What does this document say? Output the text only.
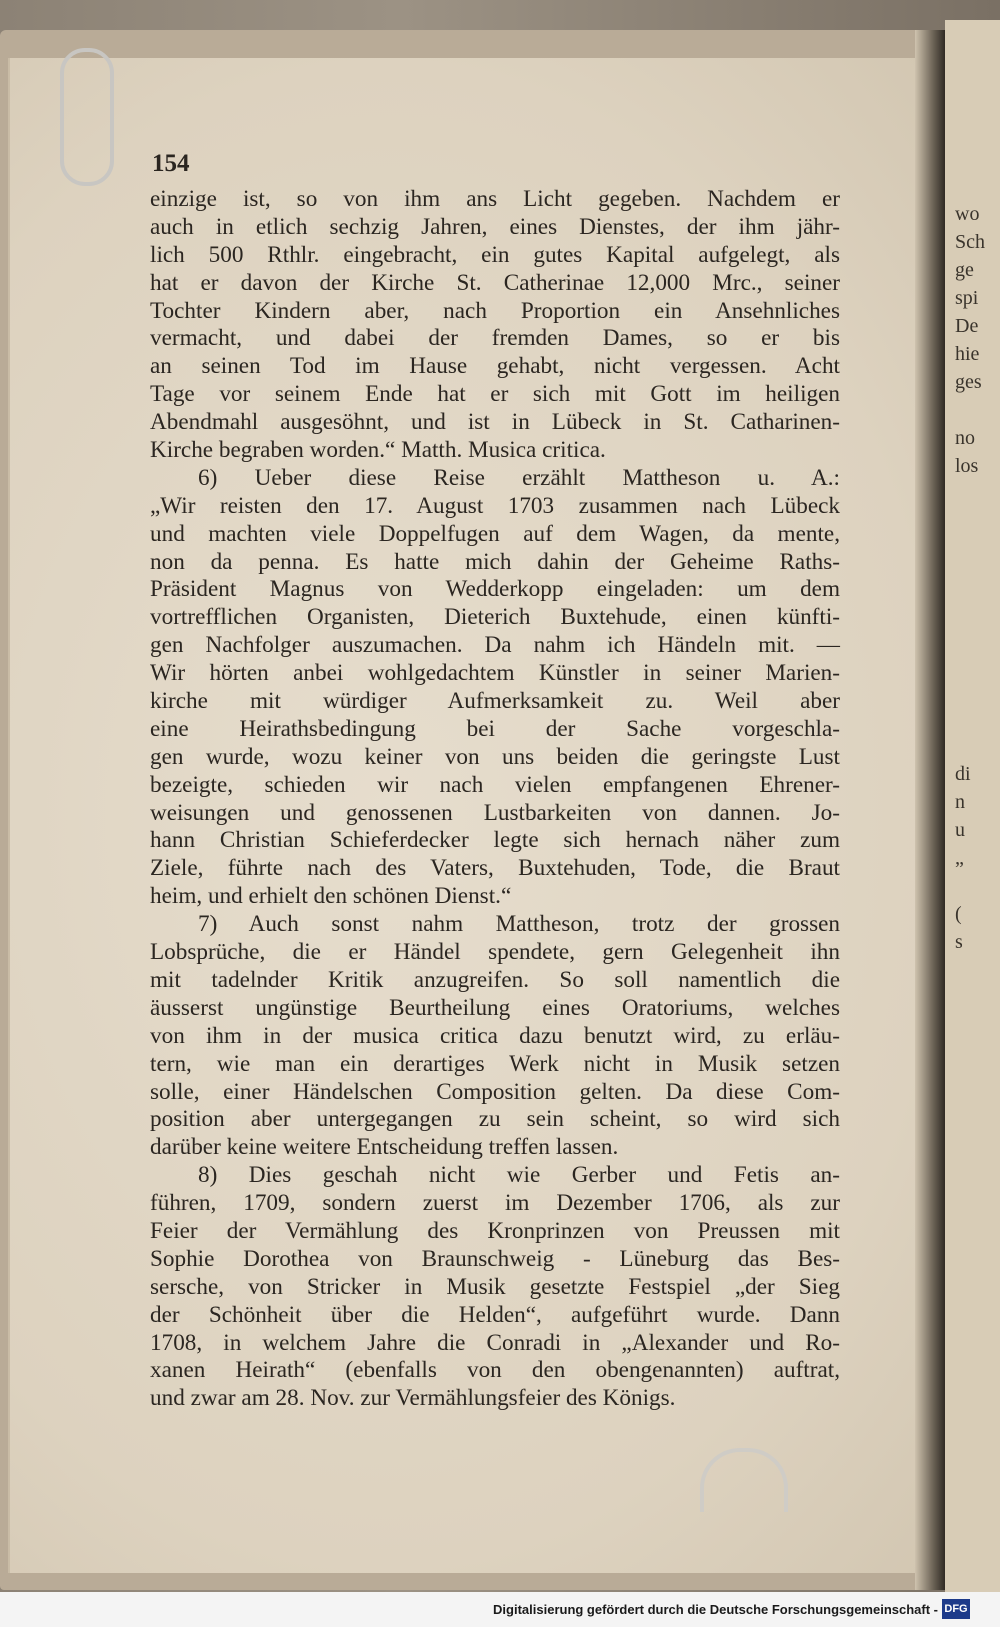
wo
Sch
ge
spi
De
hie
ges
no
los
di
n
u
„
(
s
154
einzige ist, so von ihm ans Licht gegeben. Nachdem er
auch in etlich sechzig Jahren, eines Dienstes, der ihm jähr-
lich 500 Rthlr. eingebracht, ein gutes Kapital aufgelegt, als
hat er davon der Kirche St. Catherinae 12,000 Mrc., seiner
Tochter Kindern aber, nach Proportion ein Ansehnliches
vermacht, und dabei der fremden Dames, so er bis
an seinen Tod im Hause gehabt, nicht vergessen. Acht
Tage vor seinem Ende hat er sich mit Gott im heiligen
Abendmahl ausgesöhnt, und ist in Lübeck in St. Catharinen-
Kirche begraben worden.“ Matth. Musica critica.
6) Ueber diese Reise erzählt Mattheson u. A.:
„Wir reisten den 17. August 1703 zusammen nach Lübeck
und machten viele Doppelfugen auf dem Wagen, da mente,
non da penna. Es hatte mich dahin der Geheime Raths-
Präsident Magnus von Wedderkopp eingeladen: um dem
vortrefflichen Organisten, Dieterich Buxtehude, einen künfti-
gen Nachfolger auszumachen. Da nahm ich Händeln mit. —
Wir hörten anbei wohlgedachtem Künstler in seiner Marien-
kirche mit würdiger Aufmerksamkeit zu. Weil aber
eine Heirathsbedingung bei der Sache vorgeschla-
gen wurde, wozu keiner von uns beiden die geringste Lust
bezeigte, schieden wir nach vielen empfangenen Ehrener-
weisungen und genossenen Lustbarkeiten von dannen. Jo-
hann Christian Schieferdecker legte sich hernach näher zum
Ziele, führte nach des Vaters, Buxtehuden, Tode, die Braut
heim, und erhielt den schönen Dienst.“
7) Auch sonst nahm Mattheson, trotz der grossen
Lobsprüche, die er Händel spendete, gern Gelegenheit ihn
mit tadelnder Kritik anzugreifen. So soll namentlich die
äusserst ungünstige Beurtheilung eines Oratoriums, welches
von ihm in der musica critica dazu benutzt wird, zu erläu-
tern, wie man ein derartiges Werk nicht in Musik setzen
solle, einer Händelschen Composition gelten. Da diese Com-
position aber untergegangen zu sein scheint, so wird sich
darüber keine weitere Entscheidung treffen lassen.
8) Dies geschah nicht wie Gerber und Fetis an-
führen, 1709, sondern zuerst im Dezember 1706, als zur
Feier der Vermählung des Kronprinzen von Preussen mit
Sophie Dorothea von Braunschweig - Lüneburg das Bes-
sersche, von Stricker in Musik gesetzte Festspiel „der Sieg
der Schönheit über die Helden“, aufgeführt wurde. Dann
1708, in welchem Jahre die Conradi in „Alexander und Ro-
xanen Heirath“ (ebenfalls von den obengenannten) auftrat,
und zwar am 28. Nov. zur Vermählungsfeier des Königs.
Digitalisierung gefördert durch die Deutsche Forschungsgemeinschaft - DFG
